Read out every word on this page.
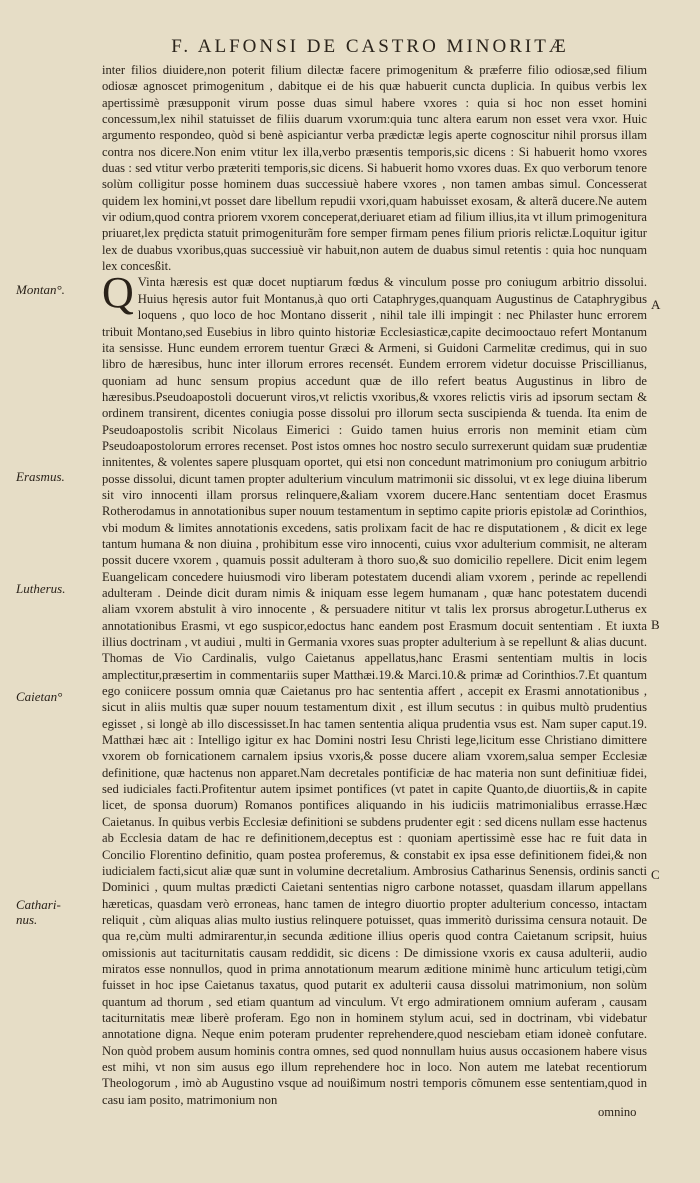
F. ALFONSI DE CASTRO MINORITÆ

inter filios diuidere,non poterit filium dilectæ facere primogenitum & præferre filio odiosæ,sed filium odiosæ agnoscet primogenitum , dabitque ei de his quæ habuerit cuncta duplicia. In quibus verbis lex apertissimè præsupponit virum posse duas simul habere vxores : quia si hoc non esset homini concessum,lex nihil statuisset de filiis duarum vxorum:quia tunc altera earum non esset vera vxor. Huic argumento respondeo, quòd si benè aspiciantur verba prædictæ legis aperte cognoscitur nihil prorsus illam contra nos dicere.Non enim vtitur lex illa,verbo præsentis temporis,sic dicens : Si habuerit homo vxores duas : sed vtitur verbo præteriti temporis,sic dicens. Si habuerit homo vxores duas. Ex quo verborum tenore solùm colligitur posse hominem duas successiuè habere vxores , non tamen ambas simul. Concesserat quidem lex homini,vt posset dare libellum repudii vxori,quam habuisset exosam, & alterã ducere.Ne autem vir odium,quod contra priorem vxorem conceperat,deriuaret etiam ad filium illius,ita vt illum primogenitura priuaret,lex prędicta statuit primogeniturãm fore semper firmam penes filium prioris relictæ.Loquitur igitur lex de duabus vxoribus,quas successiuè vir habuit,non autem de duabus simul retentis : quia hoc nunquam lex concesßit.

Q Vinta hæresis est quæ docet nuptiarum fœdus & vinculum posse pro coniugum arbitrio dissolui. Huius hęresis autor fuit Montanus,à quo orti Cataphryges,quanquam Augustinus de Cataphrygibus loquens , quo loco de hoc Montano disserit , nihil tale illi impingit : nec Philaster hunc errorem tribuit Montano,sed Eusebius in libro quinto historiæ Ecclesiasticæ,capite decimooctauo refert Montanum ita sensisse. Hunc eundem errorem tuentur Græci & Armeni, si Guidoni Carmelitæ credimus, qui in suo libro de hæresibus, hunc inter illorum errores recensét. Eundem errorem videtur docuisse Priscillianus, quoniam ad hunc sensum propius accedunt quæ de illo refert beatus Augustinus in libro de hæresibus.Pseudoapostoli docuerunt viros,vt relictis vxoribus,& vxores relictis viris ad ipsorum sectam & ordinem transirent, dicentes coniugia posse dissolui pro illorum secta suscipienda & tuenda. Ita enim de Pseudoapostolis scribit Nicolaus Eimerici : Guido tamen huius erroris non meminit etiam cùm Pseudoapostolorum errores recenset. Post istos omnes hoc nostro seculo surrexerunt quidam suæ prudentiæ innitentes, & volentes sapere plusquam oportet, qui etsi non concedunt matrimonium pro coniugum arbitrio posse dissolui, dicunt tamen propter adulterium vinculum matrimonii sic dissolui, vt ex lege diuina liberum sit viro innocenti illam prorsus relinquere,&aliam vxorem ducere.Hanc sententiam docet Erasmus Rotherodamus in annotationibus super nouum testamentum in septimo capite prioris epistolæ ad Corinthios, vbi modum & limites annotationis excedens, satis prolixam facit de hac re disputationem , & dicit ex lege tantum humana & non diuina , prohibitum esse viro innocenti, cuius vxor adulterium commisit, ne alteram possit ducere vxorem , quamuis possit adulteram à thoro suo,& suo domicilio repellere. Dicit enim legem Euangelicam concedere huiusmodi viro liberam potestatem ducendi aliam vxorem , perinde ac repellendi adulteram . Deinde dicit duram nimis & iniquam esse legem humanam , quæ hanc potestatem ducendi aliam vxorem abstulit à viro innocente , & persuadere nititur vt talis lex prorsus abrogetur.Lutherus ex annotationibus Erasmi, vt ego suspicor,edoctus hanc eandem post Erasmum docuit sententiam . Et iuxta illius doctrinam , vt audiui , multi in Germania vxores suas propter adulterium à se repellunt & alias ducunt. Thomas de Vio Cardinalis, vulgo Caietanus appellatus,hanc Erasmi sententiam multis in locis amplectitur,præsertim in commentariis super Matthæi.19.& Marci.10.& primæ ad Corinthios.7.Et quantum ego coniicere possum omnia quæ Caietanus pro hac sententia affert , accepit ex Erasmi annotationibus , sicut in aliis multis quæ super nouum testamentum dixit , est illum secutus : in quibus multò prudentius egisset , si longè ab illo discessisset.In hac tamen sententia aliqua prudentia vsus est. Nam super caput.19. Matthæi hæc ait : Intelligo igitur ex hac Domini nostri Iesu Christi lege,licitum esse Christiano dimittere vxorem ob fornicationem carnalem ipsius vxoris,& posse ducere aliam vxorem,salua semper Ecclesiæ definitione, quæ hactenus non apparet.Nam decretales pontificiæ de hac materia non sunt definitiuæ fidei, sed iudiciales facti.Profitentur autem ipsimet pontifices (vt patet in capite Quanto,de diuortiis,& in capite licet, de sponsa duorum) Romanos pontifices aliquando in his iudiciis matrimonialibus errasse.Hæc Caietanus. In quibus verbis Ecclesiæ definitioni se subdens prudenter egit : sed dicens nullam esse hactenus ab Ecclesia datam de hac re definitionem,deceptus est : quoniam apertissimè esse hac re fuit data in Concilio Florentino definitio, quam postea proferemus, & constabit ex ipsa esse definitionem fidei,& non iudicialem facti,sicut aliæ quæ sunt in volumine decretalium. Ambrosius Catharinus Senensis, ordinis sancti Dominici , quum multas prædicti Caietani sententias nigro carbone notasset, quasdam illarum appellans hæreticas, quasdam verò erroneas, hanc tamen de integro diuortio propter adulterium concesso, intactam reliquit , cùm aliquas alias multo iustius relinquere potuisset, quas immeritò durissima censura notauit. De qua re,cùm multi admirarentur,in secunda æditione illius operis quod contra Caietanum scripsit, huius omissionis aut taciturnitatis causam reddidit, sic dicens : De dimissione vxoris ex causa adulterii, audio miratos esse nonnullos, quod in prima annotationum mearum æditione minimè hunc articulum tetigi,cùm fuisset in hoc ipse Caietanus taxatus, quod putarit ex adulterii causa dissolui matrimonium, non solùm quantum ad thorum , sed etiam quantum ad vinculum. Vt ergo admirationem omnium auferam , causam taciturnitatis meæ liberè proferam. Ego non in hominem stylum acui, sed in doctrinam, vbi videbatur annotatione digna. Neque enim poteram prudenter reprehendere,quod nesciebam etiam idoneè confutare. Non quòd probem ausum hominis contra omnes, sed quod nonnullam huius ausus occasionem habere visus est mihi, vt non sim ausus ego illum reprehendere hoc in loco. Non autem me latebat recentiorum Theologorum , imò ab Augustino vsque ad nouißimum nostri temporis cõmunem esse sententiam,quod in casu iam posito, matrimonium non

Montan°.
Erasmus.
Lutherus.
Caietan°
Cathari-
nus.
A
B
C
omnino
